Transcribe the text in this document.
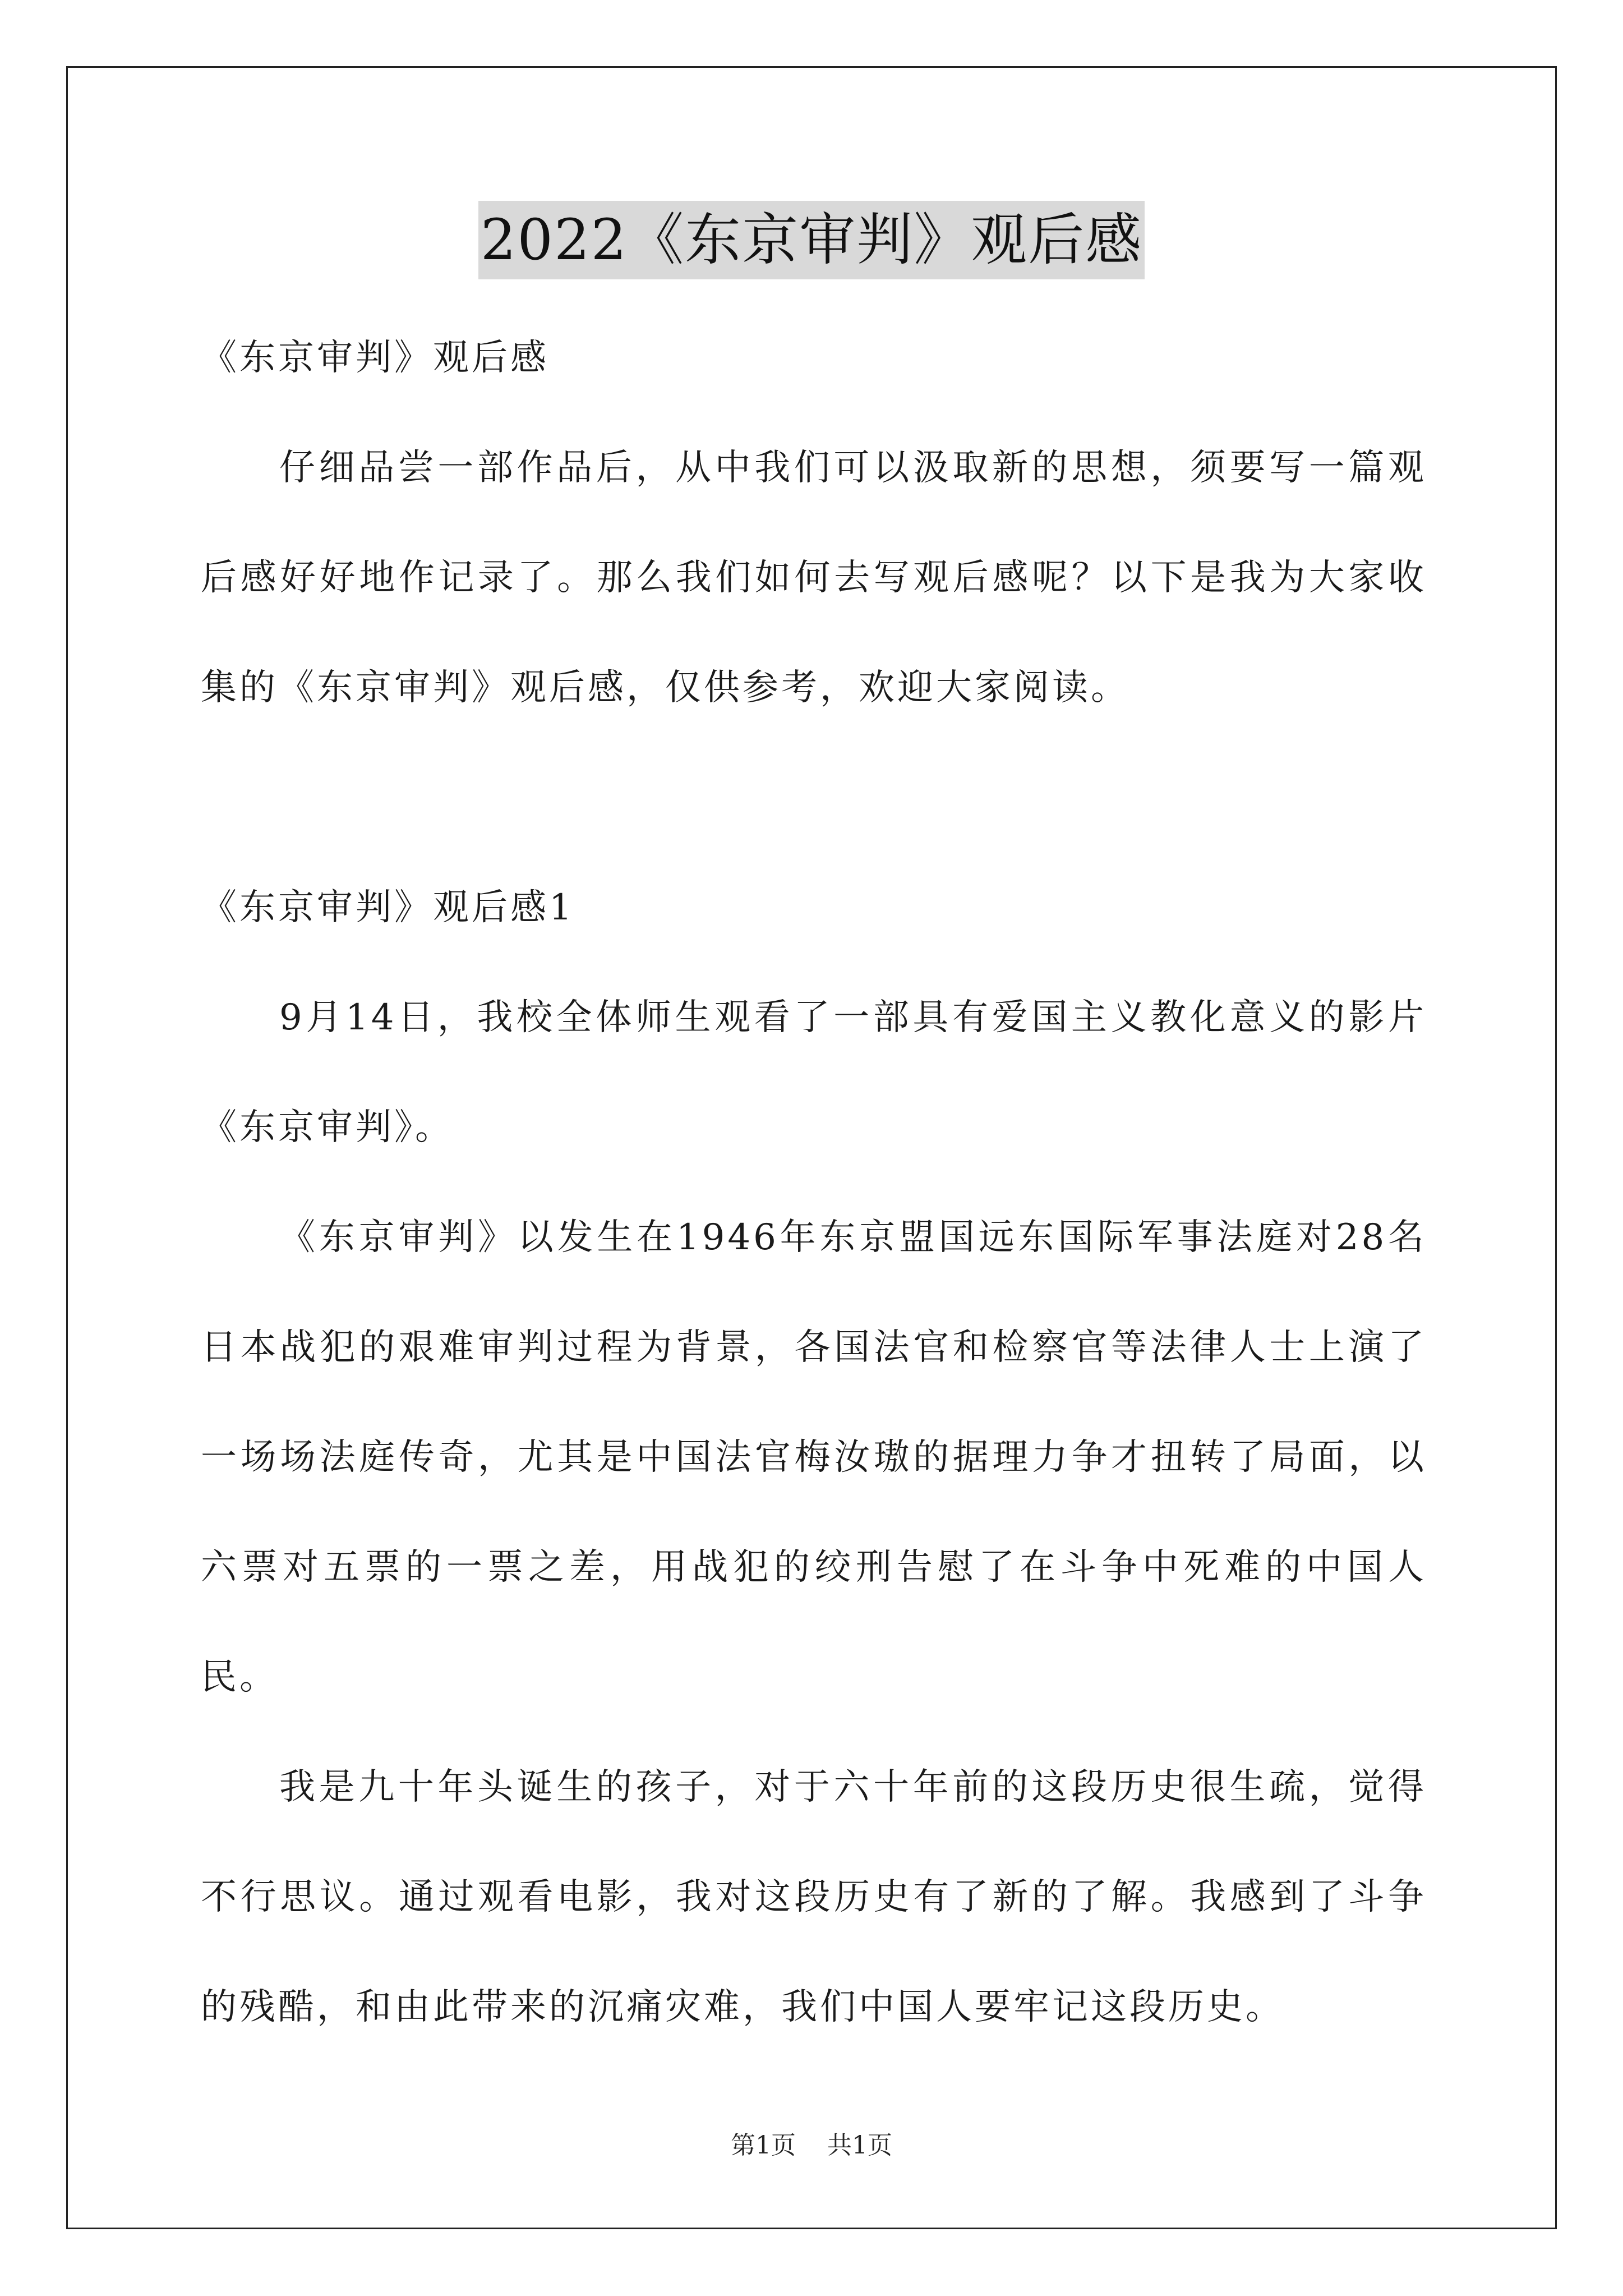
2022《东京审判》观后感

《东京审判》观后感

仔细品尝一部作品后，从中我们可以汲取新的思想，须要写一篇观后感好好地作记录了。那么我们如何去写观后感呢？以下是我为大家收集的《东京审判》观后感，仅供参考，欢迎大家阅读。

《东京审判》观后感1

9月14日，我校全体师生观看了一部具有爱国主义教化意义的影片《东京审判》。

《东京审判》以发生在1946年东京盟国远东国际军事法庭对28名日本战犯的艰难审判过程为背景，各国法官和检察官等法律人士上演了一场场法庭传奇，尤其是中国法官梅汝璈的据理力争才扭转了局面，以六票对五票的一票之差，用战犯的绞刑告慰了在斗争中死难的中国人民。

我是九十年头诞生的孩子，对于六十年前的这段历史很生疏，觉得不行思议。通过观看电影，我对这段历史有了新的了解。我感到了斗争的残酷，和由此带来的沉痛灾难，我们中国人要牢记这段历史。

第1页 共1页
